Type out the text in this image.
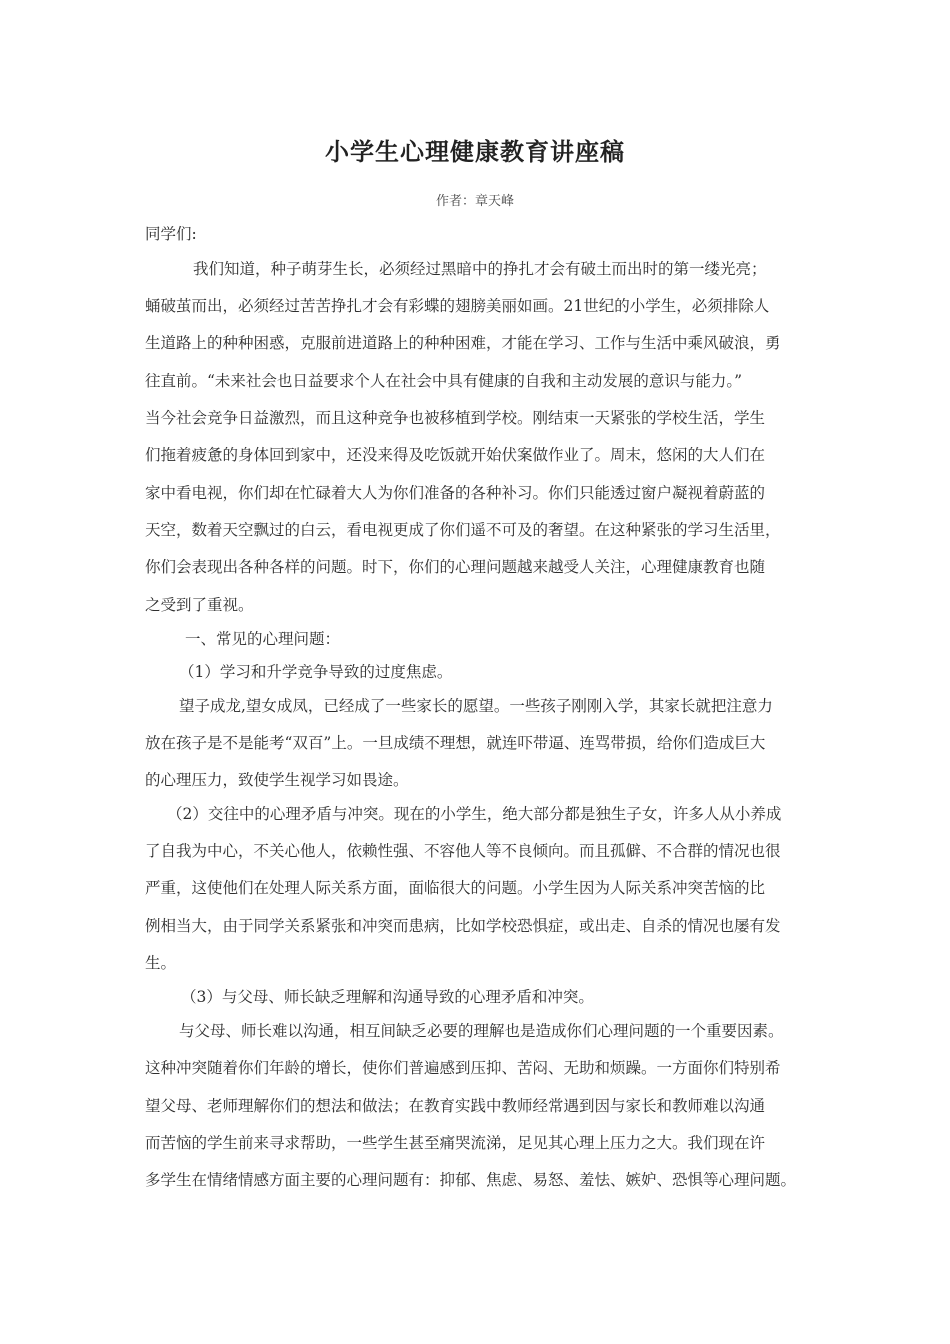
小学生心理健康教育讲座稿
作者：章天峰
同学们:
我们知道，种子萌芽生长，必须经过黑暗中的挣扎才会有破土而出时的第一缕光亮；
蛹破茧而出，必须经过苦苦挣扎才会有彩蝶的翅膀美丽如画。21世纪的小学生，必须排除人
生道路上的种种困惑，克服前进道路上的种种困难，才能在学习、工作与生活中乘风破浪，勇
往直前。“未来社会也日益要求个人在社会中具有健康的自我和主动发展的意识与能力。”
当今社会竞争日益激烈，而且这种竞争也被移植到学校。刚结束一天紧张的学校生活，学生
们拖着疲惫的身体回到家中，还没来得及吃饭就开始伏案做作业了。周末，悠闲的大人们在
家中看电视，你们却在忙碌着大人为你们准备的各种补习。你们只能透过窗户凝视着蔚蓝的
天空，数着天空飘过的白云，看电视更成了你们遥不可及的奢望。在这种紧张的学习生活里，
你们会表现出各种各样的问题。时下，你们的心理问题越来越受人关注，心理健康教育也随
之受到了重视。
一、常见的心理问题：
（1）学习和升学竞争导致的过度焦虑。
望子成龙,望女成凤，已经成了一些家长的愿望。一些孩子刚刚入学，其家长就把注意力
放在孩子是不是能考“双百”上。一旦成绩不理想，就连吓带逼、连骂带损，给你们造成巨大
的心理压力，致使学生视学习如畏途。
（2）交往中的心理矛盾与冲突。现在的小学生，绝大部分都是独生子女，许多人从小养成
了自我为中心，不关心他人，依赖性强、不容他人等不良倾向。而且孤僻、不合群的情况也很
严重，这使他们在处理人际关系方面，面临很大的问题。小学生因为人际关系冲突苦恼的比
例相当大，由于同学关系紧张和冲突而患病，比如学校恐惧症，或出走、自杀的情况也屡有发
生。
（3）与父母、师长缺乏理解和沟通导致的心理矛盾和冲突。
与父母、师长难以沟通，相互间缺乏必要的理解也是造成你们心理问题的一个重要因素。
这种冲突随着你们年龄的增长，使你们普遍感到压抑、苦闷、无助和烦躁。一方面你们特别希
望父母、老师理解你们的想法和做法；在教育实践中教师经常遇到因与家长和教师难以沟通
而苦恼的学生前来寻求帮助，一些学生甚至痛哭流涕，足见其心理上压力之大。我们现在许
多学生在情绪情感方面主要的心理问题有：抑郁、焦虑、易怒、羞怯、嫉妒、恐惧等心理问题。
